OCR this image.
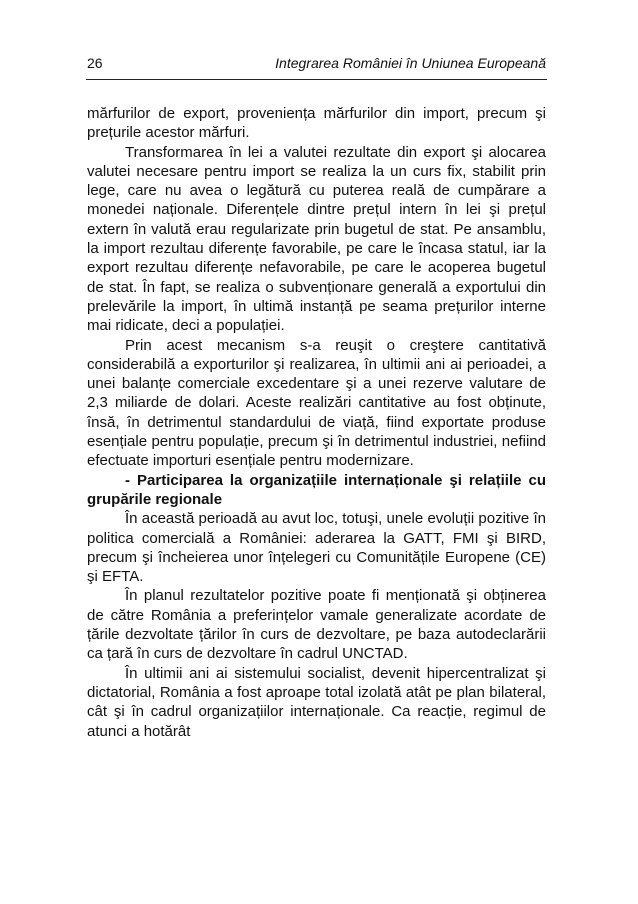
26	Integrarea României în Uniunea Europeană

mărfurilor de export, proveniența mărfurilor din import, precum şi prețurile acestor mărfuri.

Transformarea în lei a valutei rezultate din export şi alocarea valutei necesare pentru import se realiza la un curs fix, stabilit prin lege, care nu avea o legătură cu puterea reală de cumpărare a monedei naționale. Diferențele dintre prețul intern în lei şi prețul extern în valută erau regularizate prin bugetul de stat. Pe ansamblu, la import rezultau diferențe favorabile, pe care le încasa statul, iar la export rezultau diferențe nefavorabile, pe care le acoperea bugetul de stat. În fapt, se realiza o subvenționare generală a exportului din prelevările la import, în ultimă instanță pe seama prețurilor interne mai ridicate, deci a populației.

Prin acest mecanism s-a reuşit o creştere cantitativă considerabilă a exporturilor şi realizarea, în ultimii ani ai perioadei, a unei balanțe comerciale excedentare şi a unei rezerve valutare de 2,3 miliarde de dolari. Aceste realizări cantitative au fost obținute, însă, în detrimentul standardului de viață, fiind exportate produse esențiale pentru populație, precum şi în detrimentul industriei, nefiind efectuate importuri esențiale pentru modernizare.

- Participarea la organizațiile internaționale şi relațiile cu grupările regionale

În această perioadă au avut loc, totuşi, unele evoluții pozitive în politica comercială a României: aderarea la GATT, FMI şi BIRD, precum şi încheierea unor înțelegeri cu Comunitățile Europene (CE) şi EFTA.

În planul rezultatelor pozitive poate fi menționată şi obținerea de către România a preferințelor vamale generalizate acordate de țările dezvoltate țărilor în curs de dezvoltare, pe baza autodeclarării ca țară în curs de dezvoltare în cadrul UNCTAD.

În ultimii ani ai sistemului socialist, devenit hipercentralizat şi dictatorial, România a fost aproape total izolată atât pe plan bilateral, cât şi în cadrul organizațiilor internaționale. Ca reacție, regimul de atunci a hotărât
